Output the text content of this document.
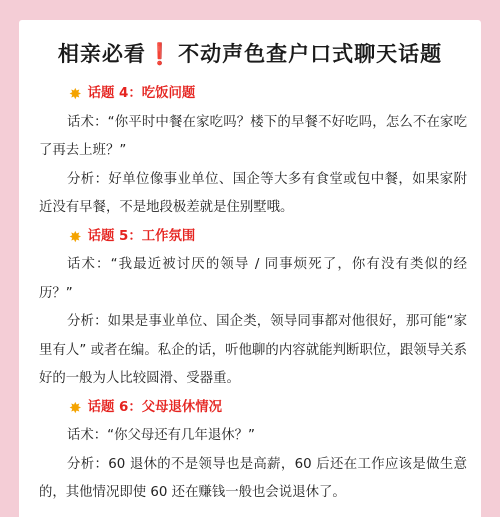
相亲必看❗ 不动声色查户口式聊天话题
✸ 话题 4：吃饭问题

话术：“你平时中餐在家吃吗？楼下的早餐不好吃吗，怎么不在家吃了再去上班？”

分析：好单位像事业单位、国企等大多有食堂或包中餐，如果家附近没有早餐，不是地段极差就是住别墅哦。

✸ 话题 5：工作氛围

话术：“我最近被讨厌的领导 / 同事烦死了，你有没有类似的经历？”

分析：如果是事业单位、国企类，领导同事都对他很好，那可能“家里有人” 或者在编。私企的话，听他聊的内容就能判断职位，跟领导关系好的一般为人比较圆滑、受器重。

✸ 话题 6：父母退休情况

话术：“你父母还有几年退休？”

分析：60 退休的不是领导也是高薪，60 后还在工作应该是做生意的，其他情况即使 60 还在赚钱一般也会说退休了。
